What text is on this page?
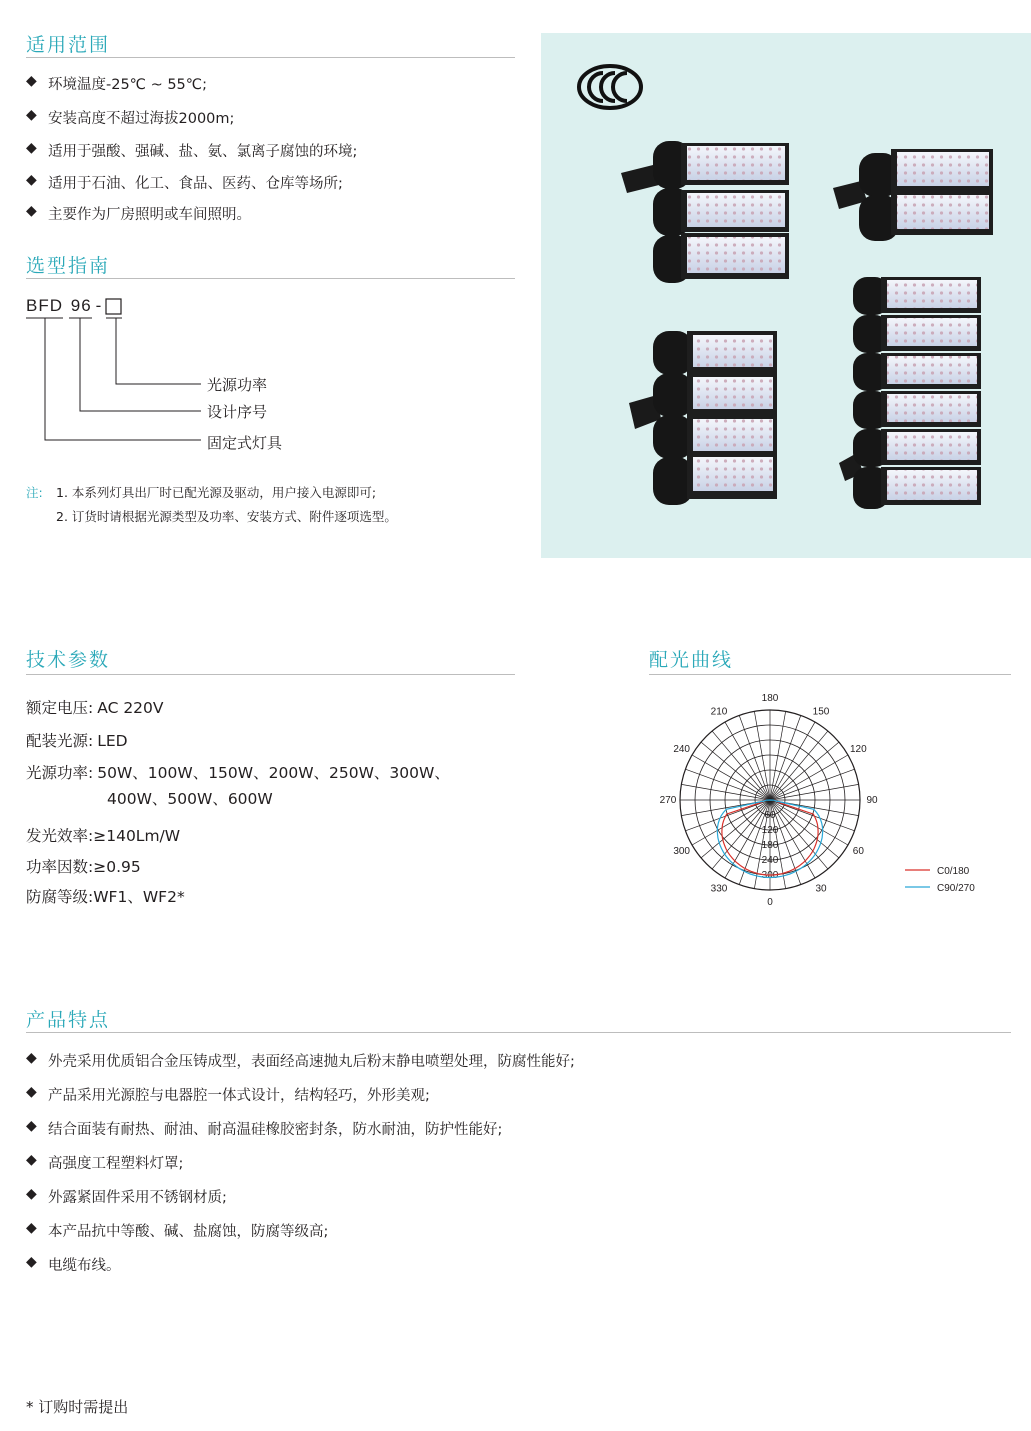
适用范围
◆ 环境温度-25℃ ~ 55℃;
◆ 安装高度不超过海拔2000m;
◆ 适用于强酸、强碱、盐、氨、氯离子腐蚀的环境;
◆ 适用于石油、化工、食品、医药、仓库等场所;
◆ 主要作为厂房照明或车间照明。
选型指南
BFD 96 -
光源功率
设计序号
固定式灯具
注: 1. 本系列灯具出厂时已配光源及驱动，用户接入电源即可;
2. 订货时请根据光源类型及功率、安装方式、附件逐项选型。
技术参数
额定电压: AC 220V
配装光源: LED
光源功率: 50W、100W、150W、200W、250W、300W、
400W、500W、600W
发光效率:≥140Lm/W
功率因数:≥0.95
防腐等级:WF1、WF2*
配光曲线
180
150
120
90
60
30
0
330
300
270
240
210
60
120
180
240
300	C0/180
C90/270
产品特点
◆ 外壳采用优质铝合金压铸成型，表面经高速抛丸后粉末静电喷塑处理，防腐性能好;
◆ 产品采用光源腔与电器腔一体式设计，结构轻巧，外形美观;
◆ 结合面装有耐热、耐油、耐高温硅橡胶密封条，防水耐油，防护性能好;
◆ 高强度工程塑料灯罩;
◆ 外露紧固件采用不锈钢材质;
◆ 本产品抗中等酸、碱、盐腐蚀，防腐等级高;
◆ 电缆布线。
* 订购时需提出
